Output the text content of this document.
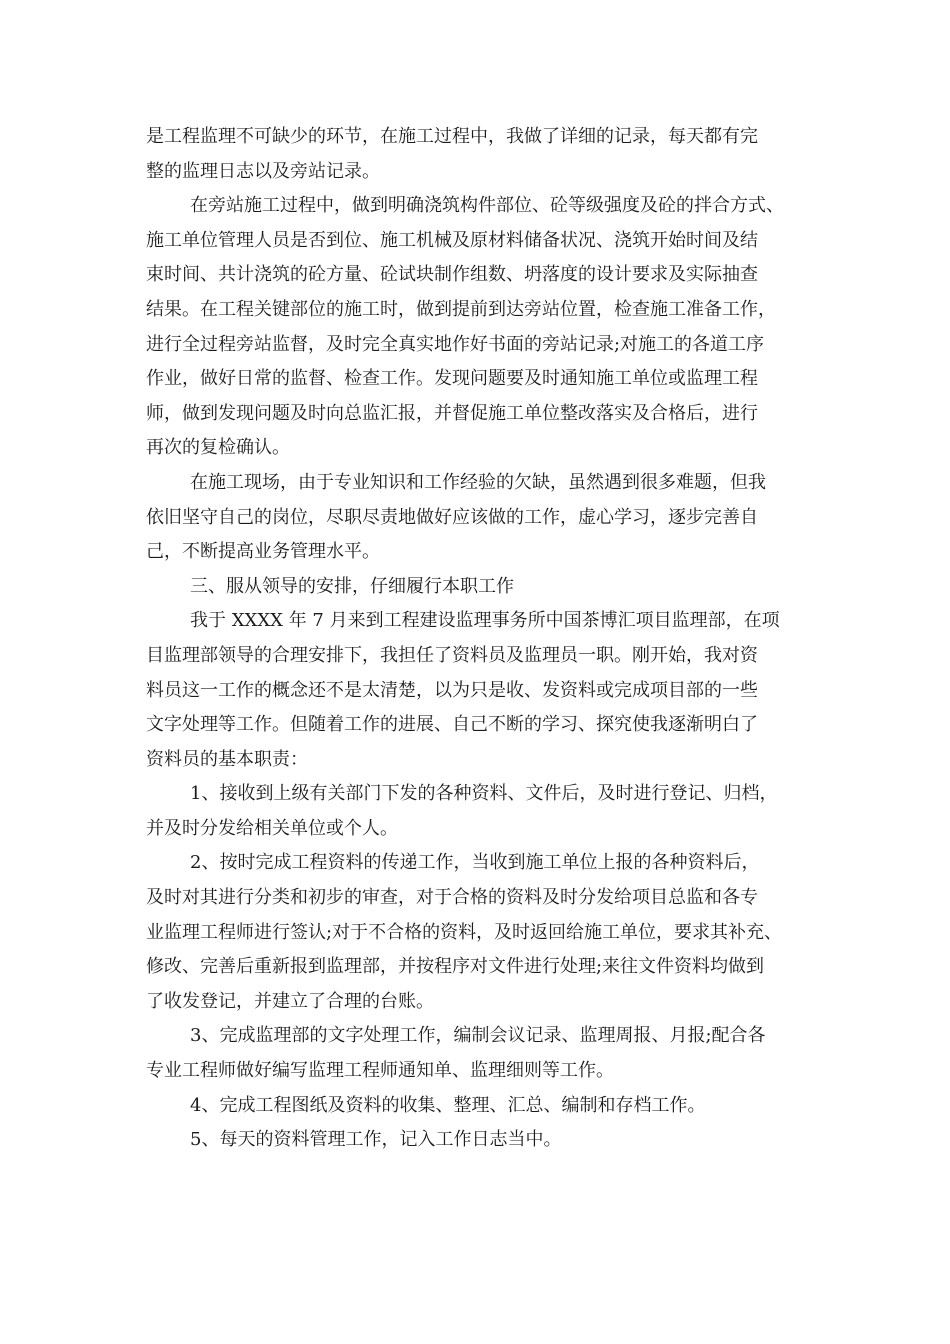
是工程监理不可缺少的环节，在施工过程中，我做了详细的记录，每天都有完
整的监理日志以及旁站记录。
在旁站施工过程中，做到明确浇筑构件部位、砼等级强度及砼的拌合方式、
施工单位管理人员是否到位、施工机械及原材料储备状况、浇筑开始时间及结
束时间、共计浇筑的砼方量、砼试块制作组数、坍落度的设计要求及实际抽查
结果。在工程关键部位的施工时，做到提前到达旁站位置，检查施工准备工作，
进行全过程旁站监督，及时完全真实地作好书面的旁站记录;对施工的各道工序
作业，做好日常的监督、检查工作。发现问题要及时通知施工单位或监理工程
师，做到发现问题及时向总监汇报，并督促施工单位整改落实及合格后，进行
再次的复检确认。
在施工现场，由于专业知识和工作经验的欠缺，虽然遇到很多难题，但我
依旧坚守自己的岗位，尽职尽责地做好应该做的工作，虚心学习，逐步完善自
己，不断提高业务管理水平。
三、服从领导的安排，仔细履行本职工作
我于 XXXX 年 7 月来到工程建设监理事务所中国茶博汇项目监理部，在项
目监理部领导的合理安排下，我担任了资料员及监理员一职。刚开始，我对资
料员这一工作的概念还不是太清楚，以为只是收、发资料或完成项目部的一些
文字处理等工作。但随着工作的进展、自己不断的学习、探究使我逐渐明白了
资料员的基本职责：
1、接收到上级有关部门下发的各种资料、文件后，及时进行登记、归档，
并及时分发给相关单位或个人。
2、按时完成工程资料的传递工作，当收到施工单位上报的各种资料后，
及时对其进行分类和初步的审查，对于合格的资料及时分发给项目总监和各专
业监理工程师进行签认;对于不合格的资料，及时返回给施工单位，要求其补充、
修改、完善后重新报到监理部，并按程序对文件进行处理;来往文件资料均做到
了收发登记，并建立了合理的台账。
3、完成监理部的文字处理工作，编制会议记录、监理周报、月报;配合各
专业工程师做好编写监理工程师通知单、监理细则等工作。
4、完成工程图纸及资料的收集、整理、汇总、编制和存档工作。
5、每天的资料管理工作，记入工作日志当中。
